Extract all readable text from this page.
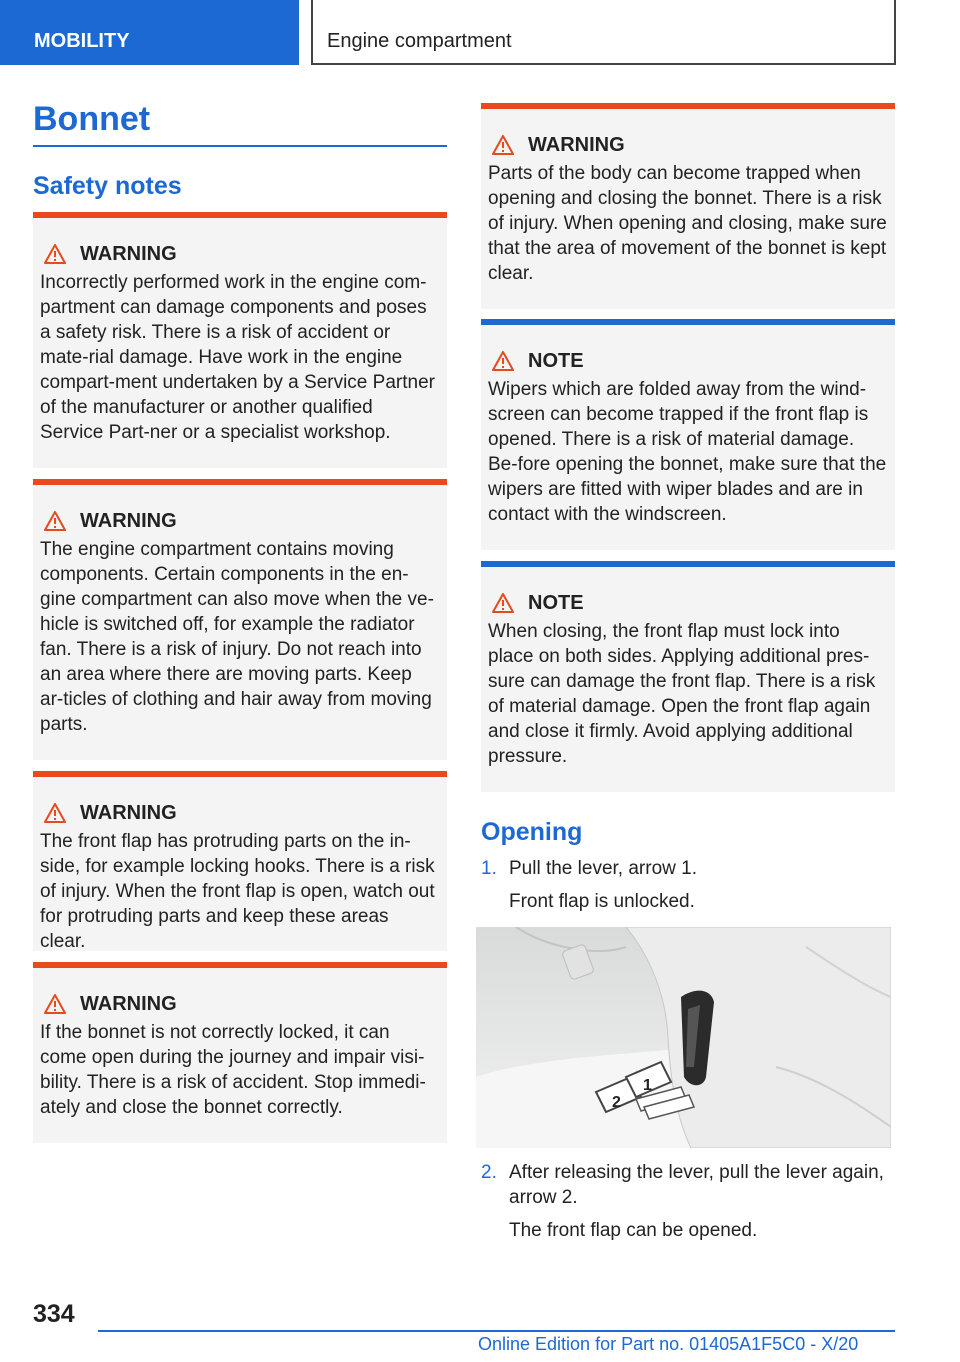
MOBILITY	Engine compartment
Bonnet
Safety notes
WARNING
Incorrectly performed work in the engine com-partment can damage components and poses a safety risk. There is a risk of accident or mate-rial damage. Have work in the engine compart-ment undertaken by a Service Partner of the manufacturer or another qualified Service Part-ner or a specialist workshop.
WARNING
The engine compartment contains moving components. Certain components in the en-gine compartment can also move when the ve-hicle is switched off, for example the radiator fan. There is a risk of injury. Do not reach into an area where there are moving parts. Keep ar-ticles of clothing and hair away from moving parts.
WARNING
The front flap has protruding parts on the in-side, for example locking hooks. There is a risk of injury. When the front flap is open, watch out for protruding parts and keep these areas clear.
WARNING
If the bonnet is not correctly locked, it can come open during the journey and impair visi-bility. There is a risk of accident. Stop immedi-ately and close the bonnet correctly.
WARNING
Parts of the body can become trapped when opening and closing the bonnet. There is a risk of injury. When opening and closing, make sure that the area of movement of the bonnet is kept clear.
NOTE
Wipers which are folded away from the wind-screen can become trapped if the front flap is opened. There is a risk of material damage. Be-fore opening the bonnet, make sure that the wipers are fitted with wiper blades and are in contact with the windscreen.
NOTE
When closing, the front flap must lock into place on both sides. Applying additional pres-sure can damage the front flap. There is a risk of material damage. Open the front flap again and close it firmly. Avoid applying additional pressure.
Opening
1. Pull the lever, arrow 1.
Front flap is unlocked.
1
2
2. After releasing the lever, pull the lever again, arrow 2.
The front flap can be opened.
334
Online Edition for Part no. 01405A1F5C0 - X/20
